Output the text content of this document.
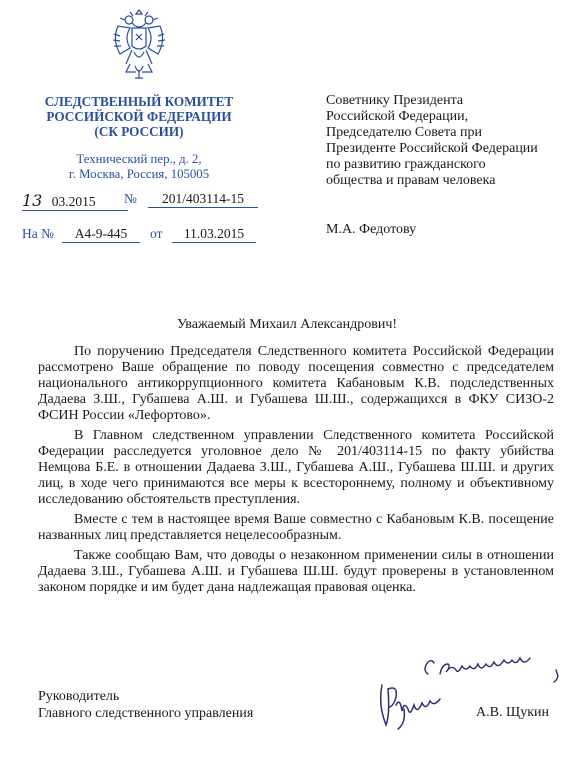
СЛЕДСТВЕННЫЙ КОМИТЕТ
РОССИЙСКОЙ ФЕДЕРАЦИИ
(СК РОССИИ)
Технический пер., д. 2,
г. Москва, Россия, 105005
13 03.2015	№	201/403114-15
На №	А4-9-445	от	11.03.2015
Советнику Президента
Российской Федерации,
Председателю Совета при
Президенте Российской Федерации
по развитию гражданского
общества и правам человека
М.А. Федотову
Уважаемый Михаил Александрович!

По поручению Председателя Следственного комитета Российской Федерации рассмотрено Ваше обращение по поводу посещения совместно с председателем национального антикоррупционного комитета Кабановым К.В. подследственных Дадаева З.Ш., Губашева А.Ш. и Губашева Ш.Ш., содержащихся в ФКУ СИЗО-2 ФСИН России «Лефортово».

В Главном следственном управлении Следственного комитета Российской Федерации расследуется уголовное дело № 201/403114-15 по факту убийства Немцова Б.Е. в отношении Дадаева З.Ш., Губашева А.Ш., Губашева Ш.Ш. и других лиц, в ходе чего принимаются все меры к всестороннему, полному и объективному исследованию обстоятельств преступления.

Вместе с тем в настоящее время Ваше совместно с Кабановым К.В. посещение названных лиц представляется нецелесообразным.

Также сообщаю Вам, что доводы о незаконном применении силы в отношении Дадаева З.Ш., Губашева А.Ш. и Губашева Ш.Ш. будут проверены в установленном законом порядке и им будет дана надлежащая правовая оценка.

Руководитель
Главного следственного управления	А.В. Щукин
